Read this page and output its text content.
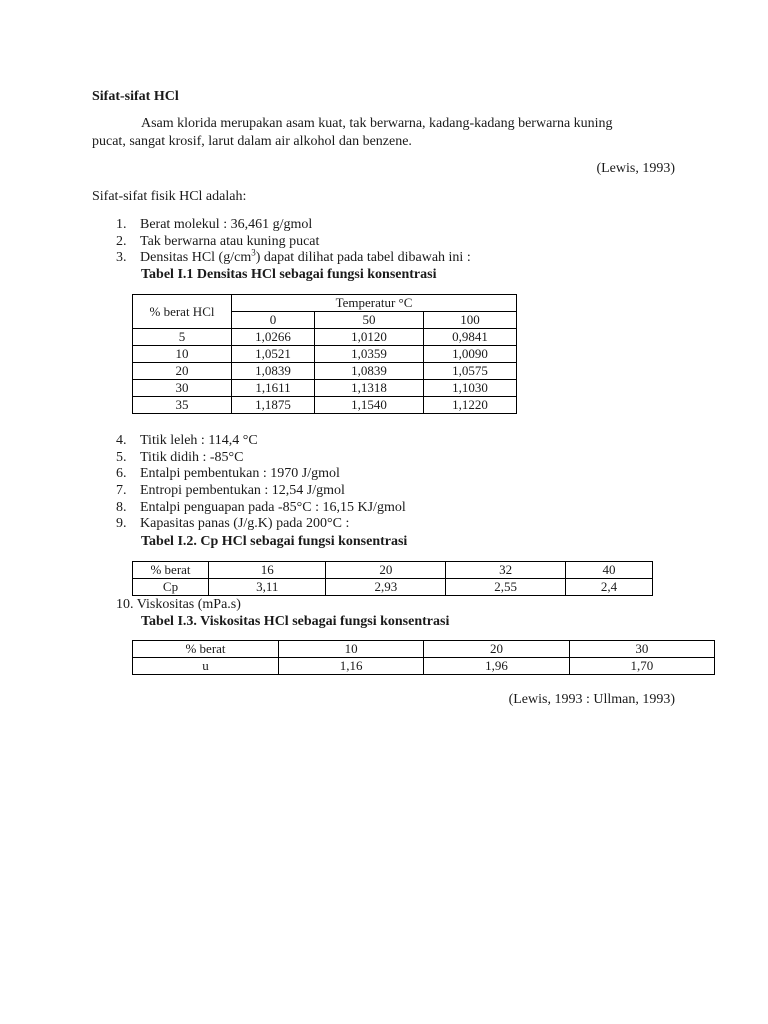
Sifat-sifat HCl
Asam klorida merupakan asam kuat, tak berwarna, kadang-kadang berwarna kuning
pucat, sangat krosif, larut dalam air alkohol dan benzene.
(Lewis, 1993)
Sifat-sifat fisik HCl adalah:
1. Berat molekul : 36,461 g/gmol
2. Tak berwarna atau kuning pucat
3. Densitas HCl $(g/cm^3)$ dapat dilihat pada tabel dibawah ini :
Tabel I.1 Densitas HCl sebagai fungsi konsentrasi
% berat HCl	Temperatur °C		
	0	50	100
5	1,0266	1,0120	0,9841
10	1,0521	1,0359	1,0090
20	1,0839	1,0839	1,0575
30	1,1611	1,1318	1,1030
35	1,1875	1,1540	1,1220
4. Titik leleh : 114,4 °C
5. Titik didih : -85°C
6. Entalpi pembentukan : 1970 J/gmol
7. Entropi pembentukan : 12,54 J/gmol
8. Entalpi penguapan pada -85°C : 16,15 KJ/gmol
9. Kapasitas panas (J/g.K) pada 200°C :
Tabel I.2. Cp HCl sebagai fungsi konsentrasi
% berat	16	20	32	40
Cp	3,11	2,93	2,55	2,4
10. Viskositas (mPa.s)
Tabel I.3. Viskositas HCl sebagai fungsi konsentrasi
% berat	10	20	30
u	1,16	1,96	1,70
(Lewis, 1993 : Ullman, 1993)
